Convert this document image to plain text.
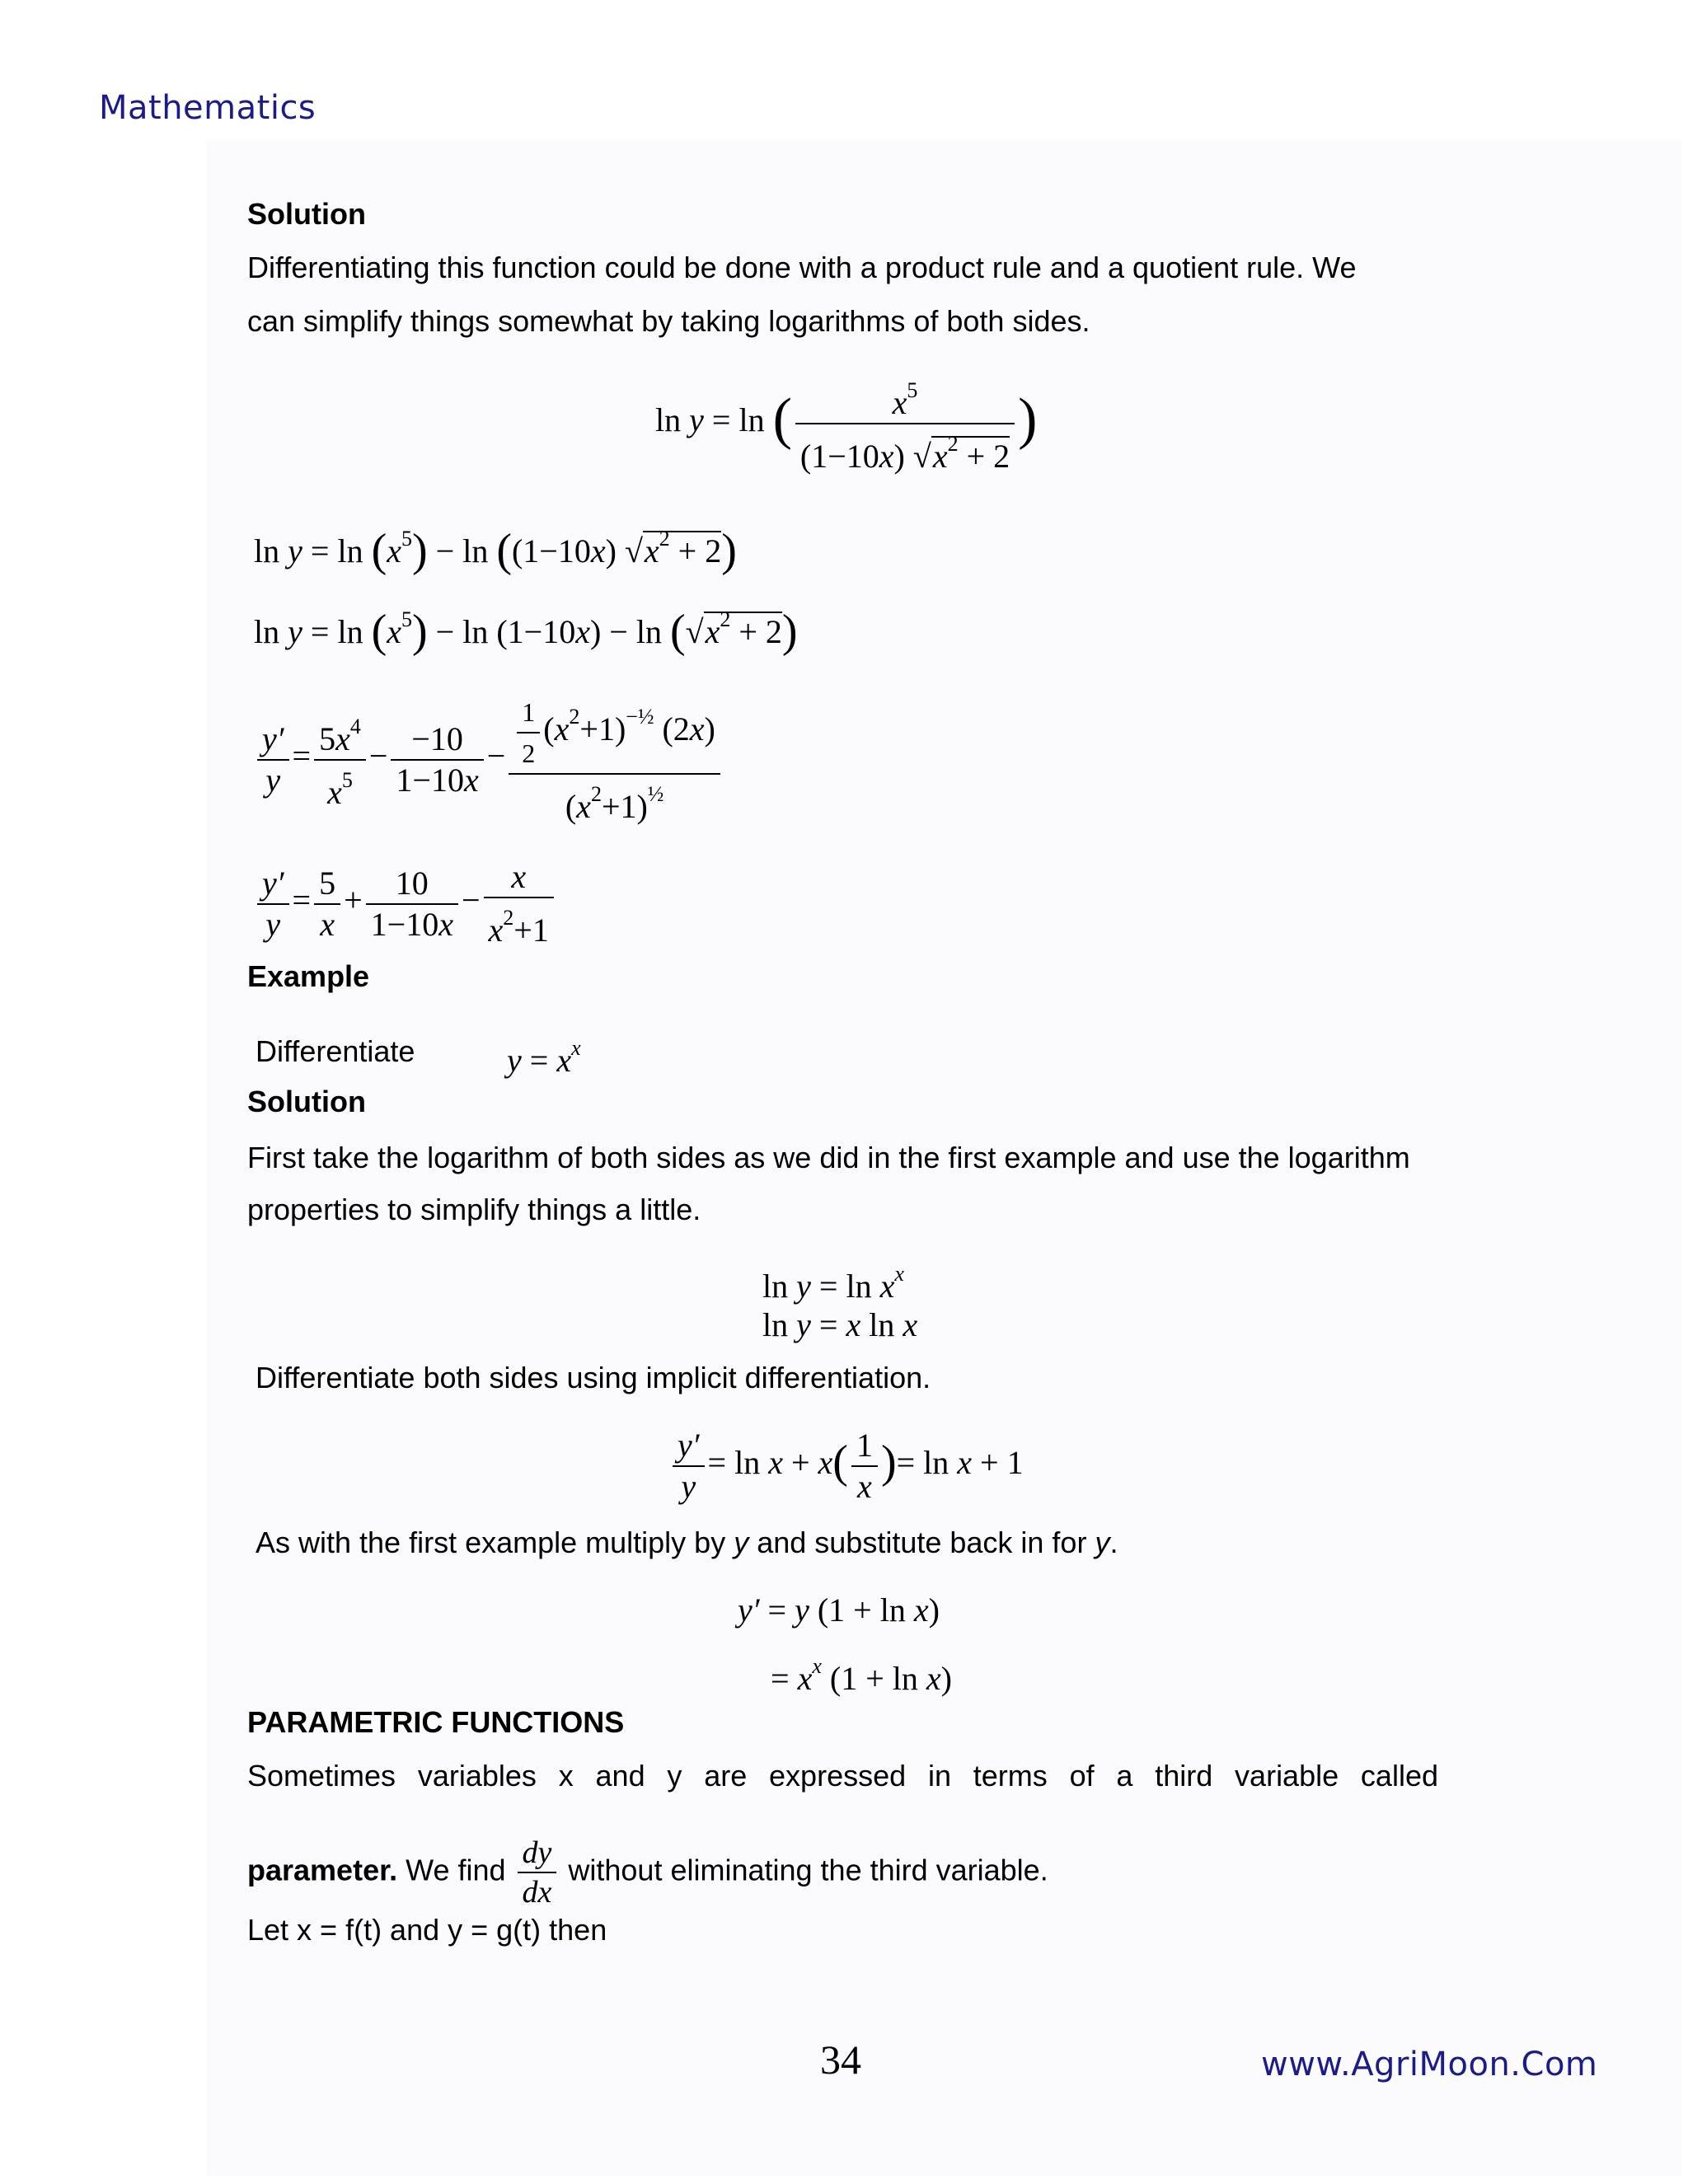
Mathematics
Solution
Differentiating this function could be done with a product rule and a quotient rule. We
can simplify things somewhat by taking logarithms of both sides.
ln y = ln ( $\frac{x^5}{(1-10x) √x^2 + 2}$ )
$\ln y = \ln (x^5) - \ln ((1-10x) √x^2 + 2)$
$\ln y = \ln (x^5) - \ln (1-10x) - \ln (√x^2 + 2)$
$\frac{y'}{y} = \frac{5x^4}{x^5} - \frac{-10}{1-10x} - \frac{\frac{1}{2} (x^2+1)^{-\frac{1}{2}} (2x)}{(x^2+1)^{\frac{1}{2}}}$
$\frac{y'}{y} = \frac{5}{x} + \frac{10}{1-10x} - \frac{x}{x^2+1}$
Example
Differentiate	$y = x^x$
Solution
First take the logarithm of both sides as we did in the first example and use the logarithm
properties to simplify things a little.
$\ln y = \ln x^x$
ln y = x ln x
Differentiate both sides using implicit differentiation.
$\frac{y'}{y} = \ln x + x( \frac{1}{x}$ )= ln x + 1
As with the first example multiply by y and substitute back in for y.
y′ = y (1 + ln x)
= $x^x$ (1 + ln x)
PARAMETRIC FUNCTIONS
Sometimes variables x and y are expressed in terms of a third variable called
parameter. We find $\frac{dy}{dx}$ without eliminating the third variable.
Let x = f(t) and y = g(t) then
34	www.AgriMoon.Com
